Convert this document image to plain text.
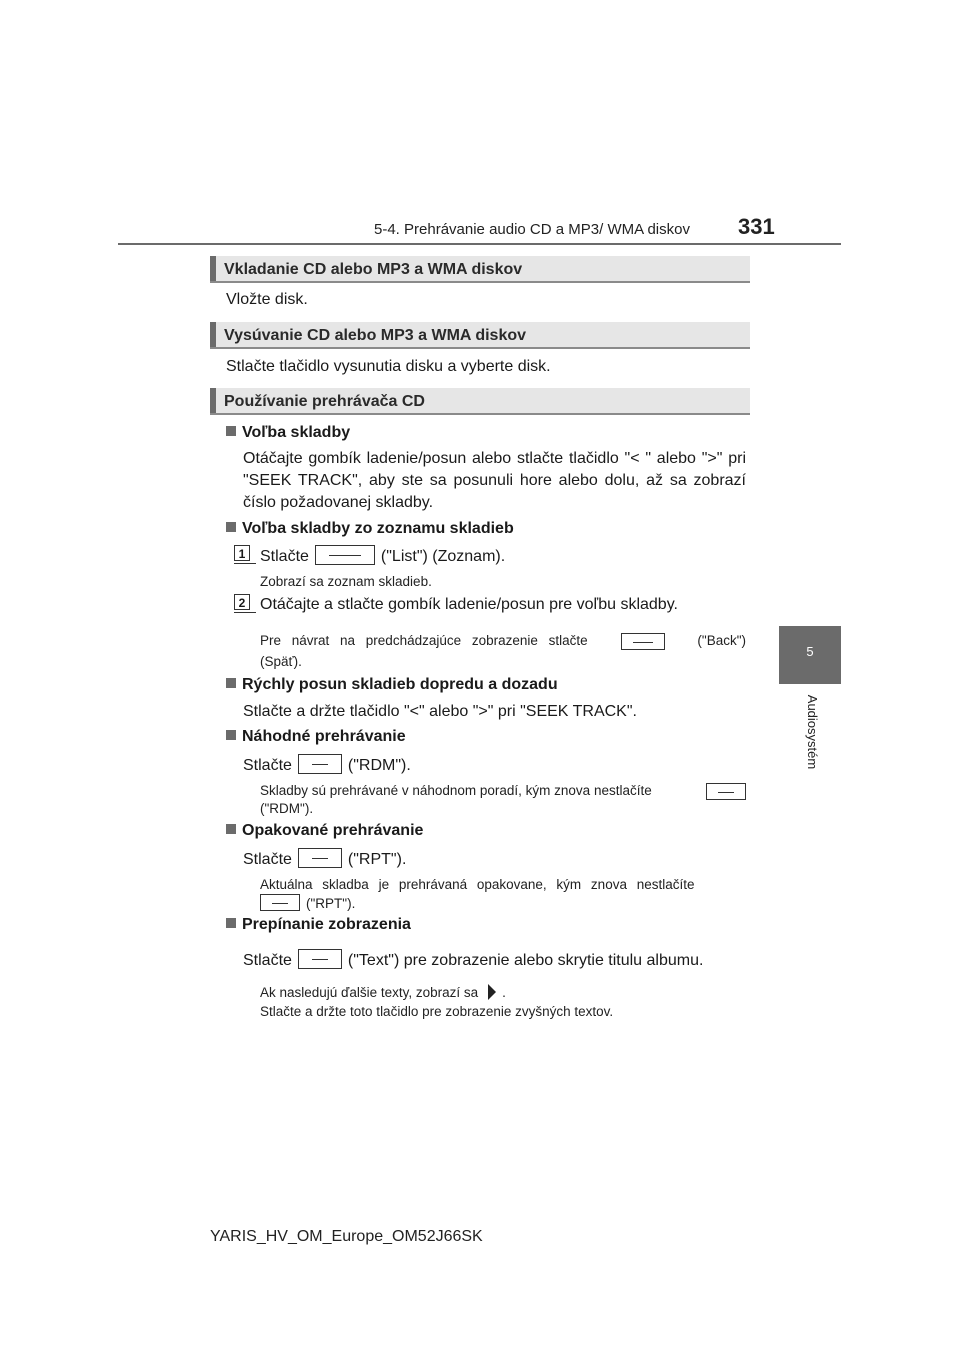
5-4. Prehrávanie audio CD a MP3/ WMA diskov 331
5
Audiosystém
Vkladanie CD alebo MP3 a WMA diskov
Vložte disk.
Vysúvanie CD alebo MP3 a WMA diskov
Stlačte tlačidlo vysunutia disku a vyberte disk.
Používanie prehrávača CD
Voľba skladby
Otáčajte gombík ladenie/posun alebo stlačte tlačidlo "< " alebo ">" pri "SEEK TRACK", aby ste sa posunuli hore alebo dolu, až sa zobrazí číslo požadovanej skladby.
Voľba skladby zo zoznamu skladieb
1 Stlačte	("List") (Zoznam).
Zobrazí sa zoznam skladieb.
2 Otáčajte a stlačte gombík ladenie/posun pre voľbu skladby.
Pre návrat na predchádzajúce zobrazenie stlačte	("Back")
(Späť).
Rýchly posun skladieb dopredu a dozadu
Stlačte a držte tlačidlo "<" alebo ">" pri "SEEK TRACK".
Náhodné prehrávanie
Stlačte	("RDM").
Skladby sú prehrávané v náhodnom poradí, kým znova nestlačíte
("RDM").
Opakované prehrávanie
Stlačte	("RPT").
Aktuálna skladba je prehrávaná opakovane, kým znova nestlačíte
("RPT").
Prepínanie zobrazenia
Stlačte	("Text") pre zobrazenie alebo skrytie titulu albumu.
Ak nasledujú ďalšie texty, zobrazí sa .
Stlačte a držte toto tlačidlo pre zobrazenie zvyšných textov.
YARIS_HV_OM_Europe_OM52J66SK
